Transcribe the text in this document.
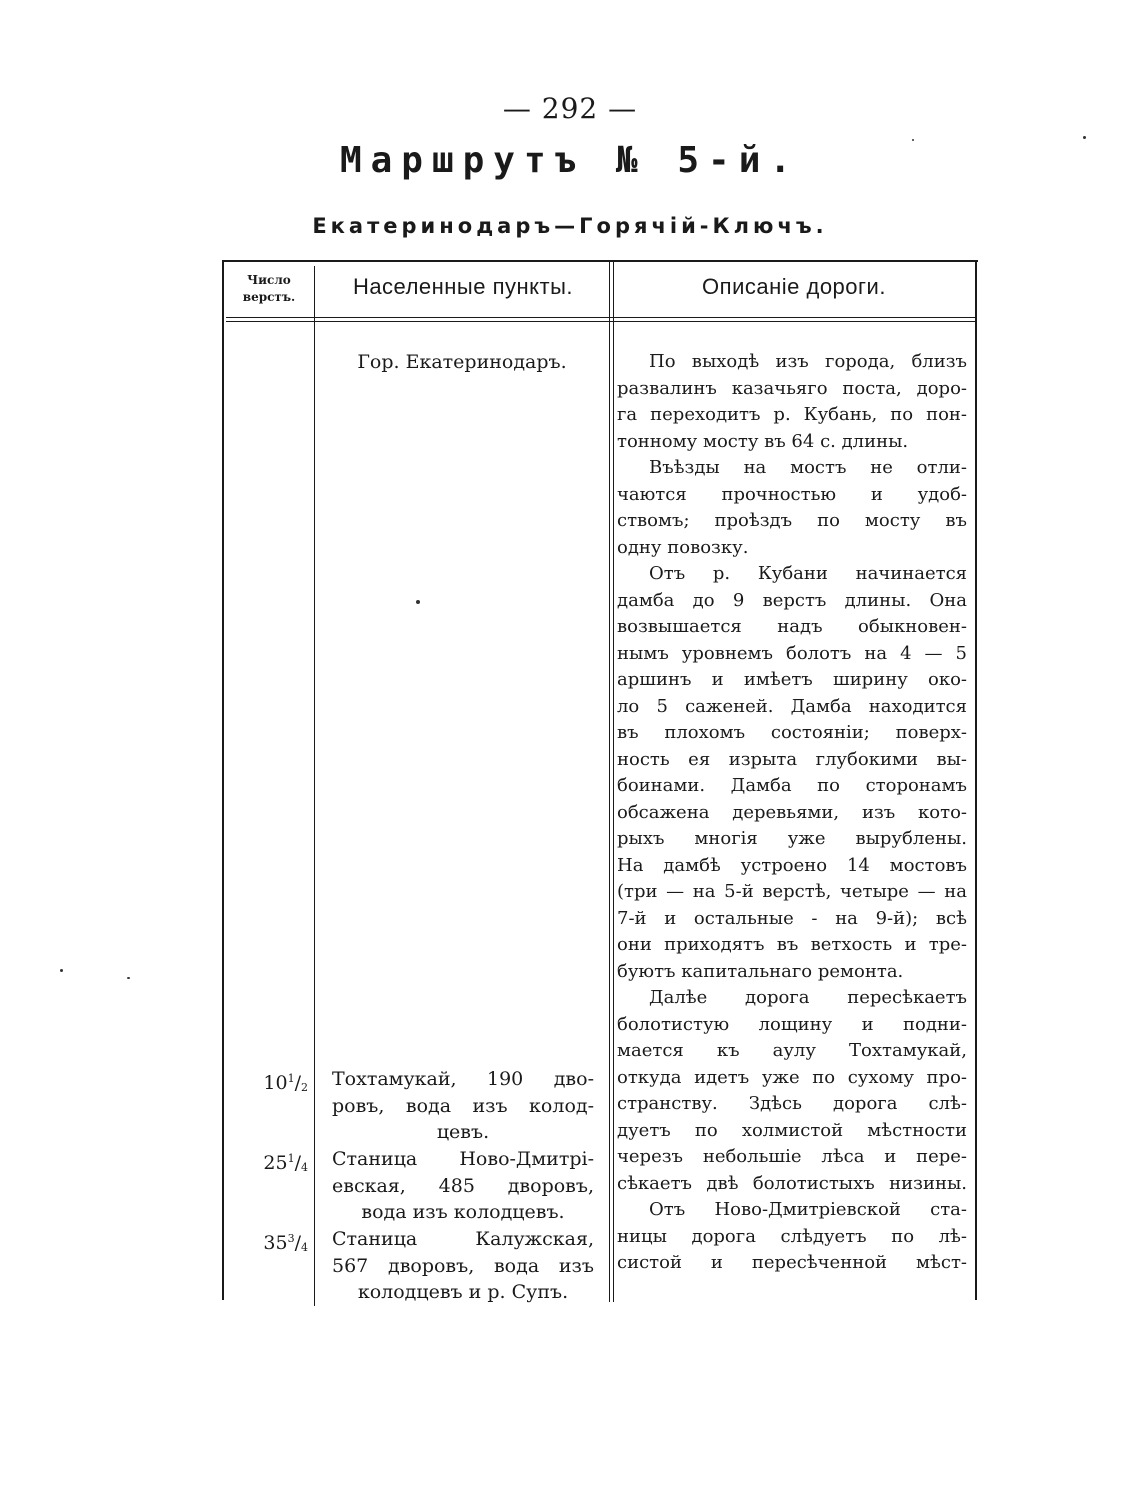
— 292 —
Маршрутъ № 5-й.
Екатеринодаръ—Горячій-Ключъ.
Число
верстъ.	Населенные пункты.	Описаніе дороги.
Гор. Екатеринодаръ.
$10^1/_2$ Тохтамукай, 190 дво-
ровъ, вода изъ колод-
цевъ.
$25^1/_4$ Станица Ново-Дмитрі-
евская, 485 дворовъ,
вода изъ колодцевъ.
$35^3/_4$ Станица Калужская,
567 дворовъ, вода изъ
колодцевъ и р. Супъ.
По выходѣ изъ города, близъ
развалинъ казачьяго поста, доро-
га переходитъ р. Кубань, по пон-
тонному мосту въ 64 с. длины.
Въѣзды на мостъ не отли-
чаются прочностью и удоб-
ствомъ; проѣздъ по мосту въ
одну повозку.
Отъ р. Кубани начинается
дамба до 9 верстъ длины. Она
возвышается надъ обыкновен-
нымъ уровнемъ болотъ на 4 — 5
аршинъ и имѣетъ ширину око-
ло 5 саженей. Дамба находится
въ плохомъ состояніи; поверх-
ность ея изрыта глубокими вы-
боинами. Дамба по сторонамъ
обсажена деревьями, изъ кото-
рыхъ многія уже вырублены.
На дамбѣ устроено 14 мостовъ
(три — на 5-й верстѣ, четыре — на
7-й и остальные - на 9-й); всѣ
они приходятъ въ ветхость и тре-
буютъ капитальнаго ремонта.
Далѣе дорога пересѣкаетъ
болотистую лощину и подни-
мается къ аулу Тохтамукай,
откуда идетъ уже по сухому про-
странству. Здѣсь дорога слѣ-
дуетъ по холмистой мѣстности
черезъ небольшіе лѣса и пере-
сѣкаетъ двѣ болотистыхъ низины.
Отъ Ново-Дмитріевской ста-
ницы дорога слѣдуетъ по лѣ-
систой и пересѣченной мѣст-
